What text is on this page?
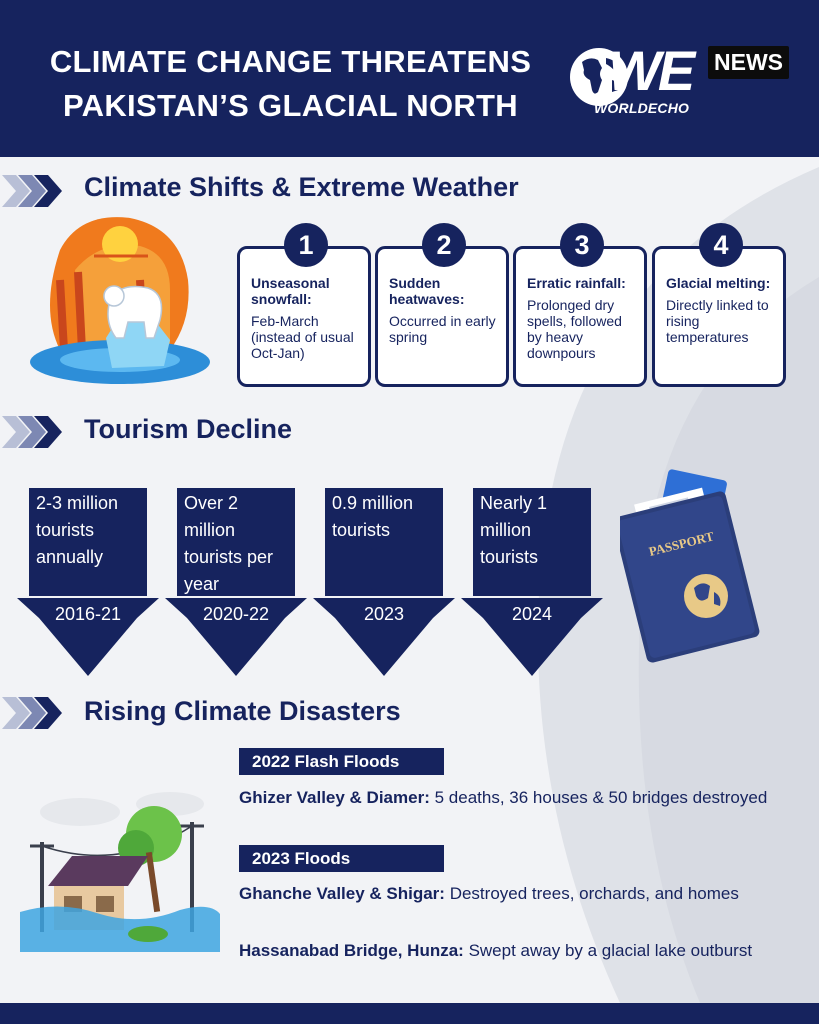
CLIMATE CHANGE THREATENS
PAKISTAN’S GLACIAL NORTH
WE NEWS
WORLDECHO
Climate Shifts & Extreme Weather
1
Unseasonal snowfall:
Feb-March (instead of usual Oct-Jan)
2
Sudden heatwaves:
Occurred in early spring
3
Erratic rainfall:
Prolonged dry spells, followed by heavy downpours
4
Glacial melting:
Directly linked to rising temperatures
Tourism Decline
2-3 million tourists annually
2016-21
Over 2 million tourists per year
2020-22
0.9 million tourists
2023
Nearly 1 million tourists
2024
PASSPORT
Rising Climate Disasters
2022 Flash Floods
Ghizer Valley & Diamer: 5 deaths, 36 houses & 50 bridges destroyed
2023 Floods
Ghanche Valley & Shigar: Destroyed trees, orchards, and homes
Hassanabad Bridge, Hunza: Swept away by a glacial lake outburst
